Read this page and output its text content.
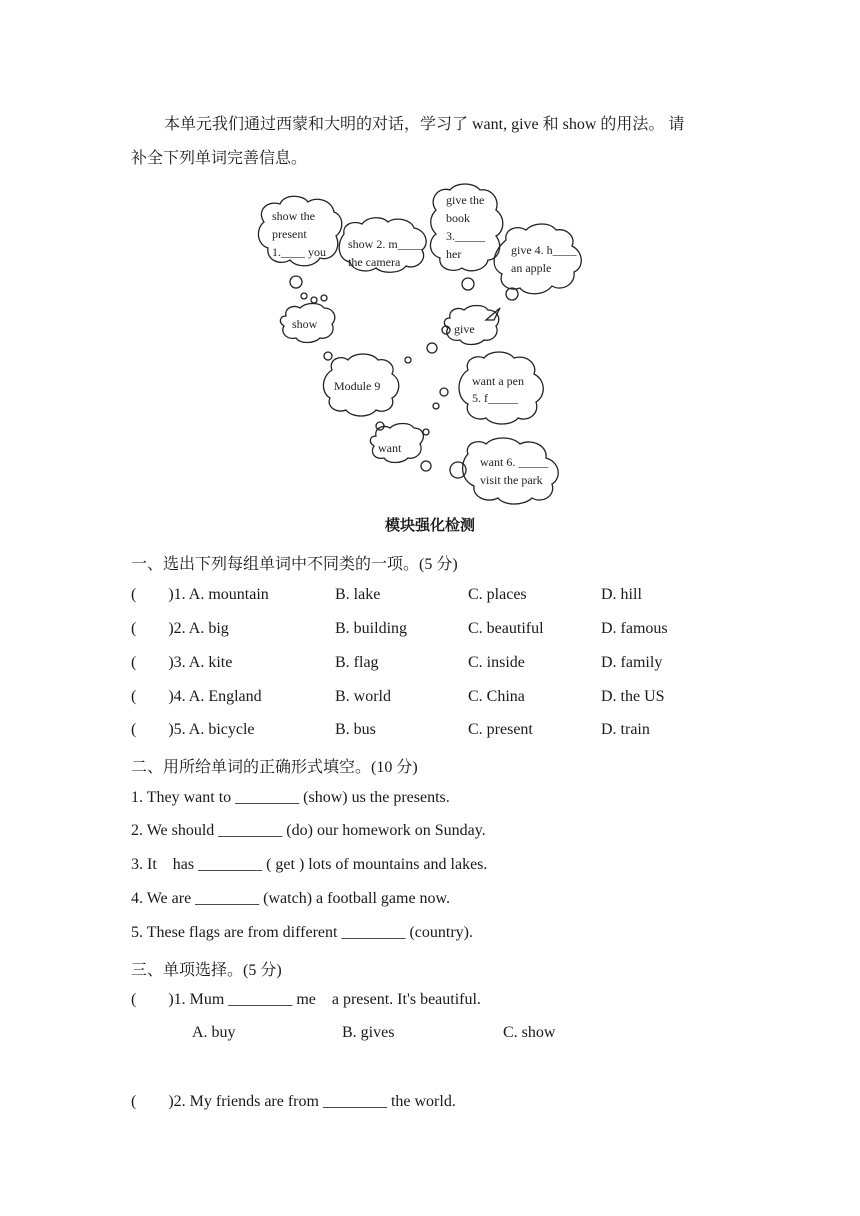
本单元我们通过西蒙和大明的对话，学习了 want, give 和 show 的用法。 请
补全下列单词完善信息。
show the
present
1.____ you
show 2. m____
the camera
give the
book
3._____
her	give 4. h____
an apple
show	give
Module 9	want a pen
5. f_____
want
want 6. _____
visit the park
模块强化检测
一、选出下列每组单词中不同类的一项。(5 分)
(        )1. A. mountain	B. lake	C. places	D. hill
(        )2. A. big	B. building	C. beautiful	D. famous
(        )3. A. kite	B. flag	C. inside	D. family
(        )4. A. England	B. world	C. China	D. the US
(        )5. A. bicycle	B. bus	C. present	D. train
二、用所给单词的正确形式填空。(10 分)
1. They want to ________ (show) us the presents.
2. We should ________ (do) our homework on Sunday.
3. It    has ________ ( get ) lots of mountains and lakes.
4. We are ________ (watch) a football game now.
5. These flags are from different ________ (country).
三、单项选择。(5 分)
(        )1. Mum ________ me    a present. It's beautiful.
A. buy	B. gives	C. show
(        )2. My friends are from ________ the world.
